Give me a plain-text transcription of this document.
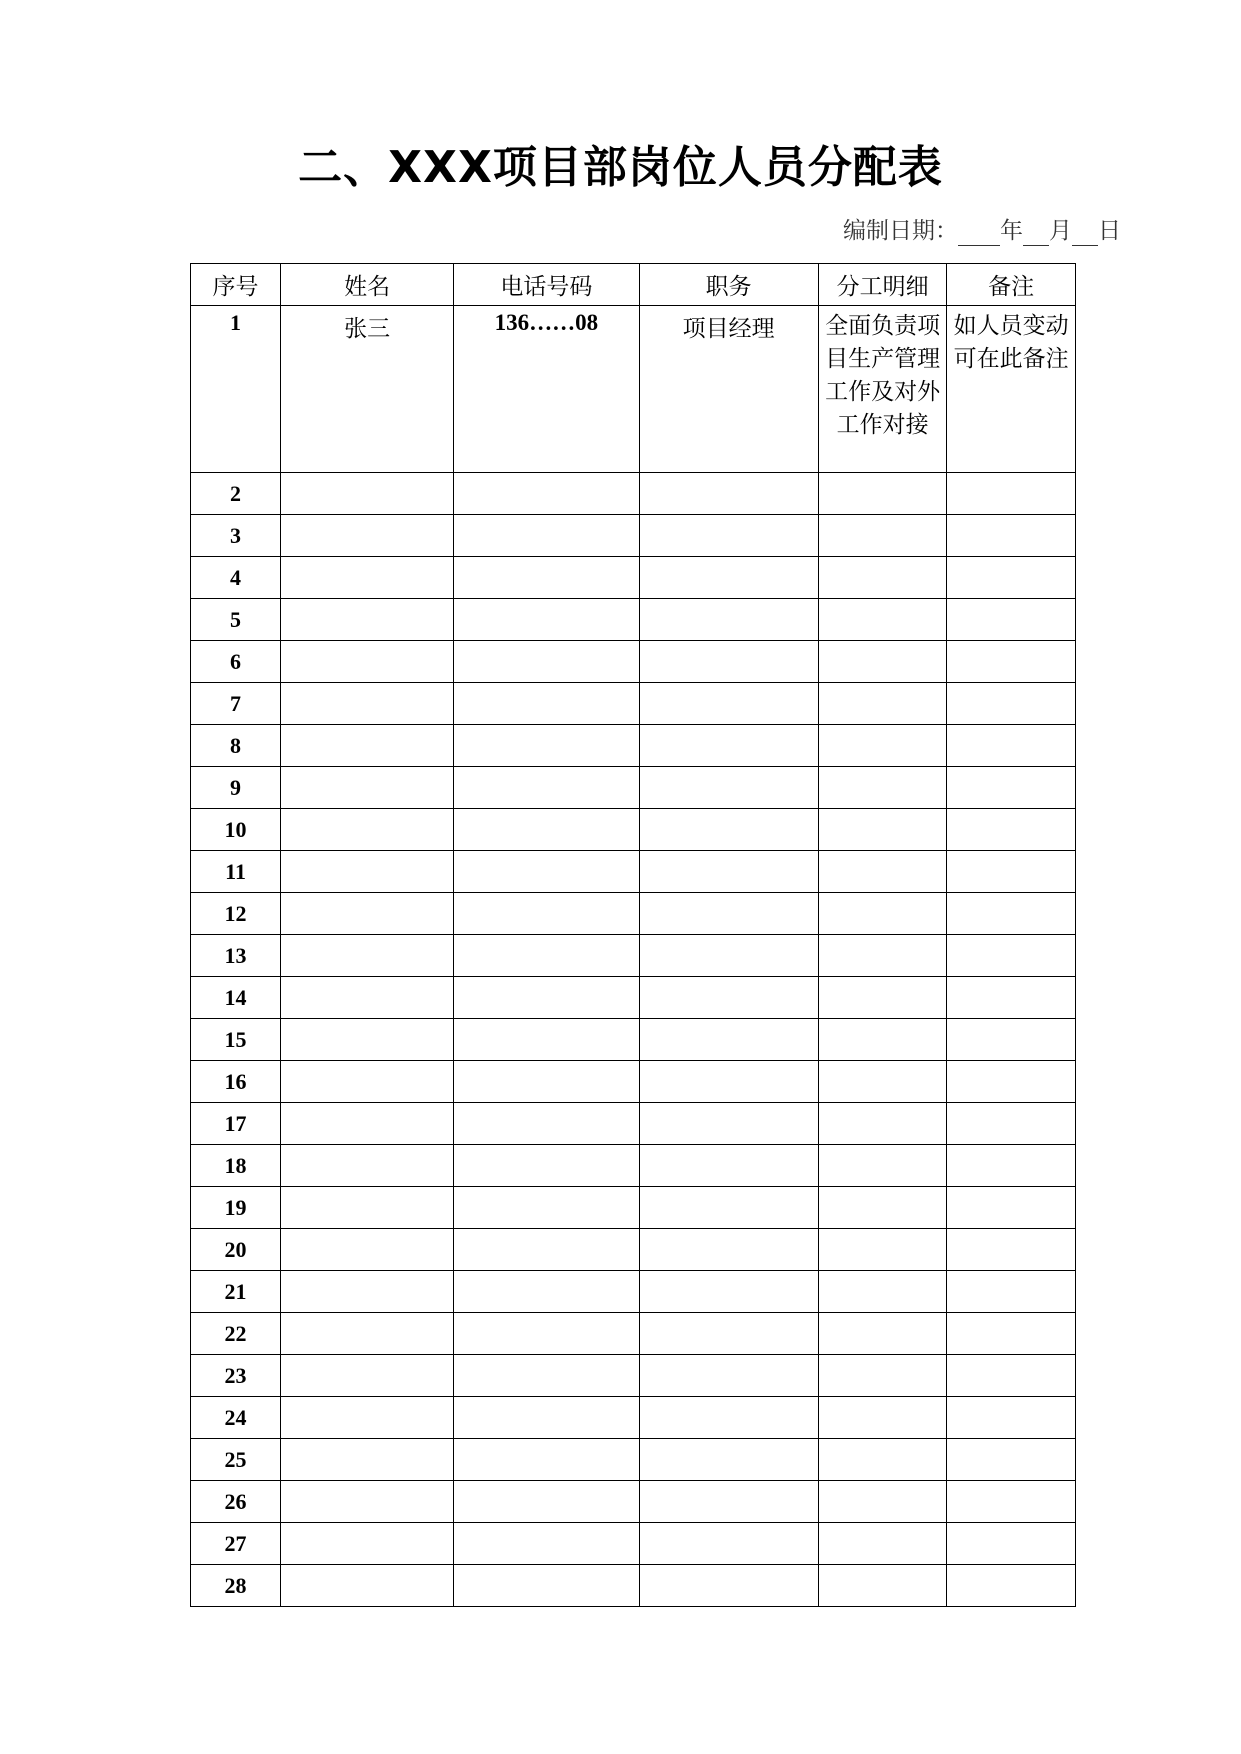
二、XXX项目部岗位人员分配表
编制日期： 年 月 日
序号	姓名	电话号码	职务	分工明细	备注
1	张三	136……08	项目经理	全面负责项目生产管理工作及对外工作对接	如人员变动可在此备注
2					
3					
4					
5					
6					
7					
8					
9					
10					
11					
12					
13					
14					
15					
16					
17					
18					
19					
20					
21					
22					
23					
24					
25					
26					
27					
28					
